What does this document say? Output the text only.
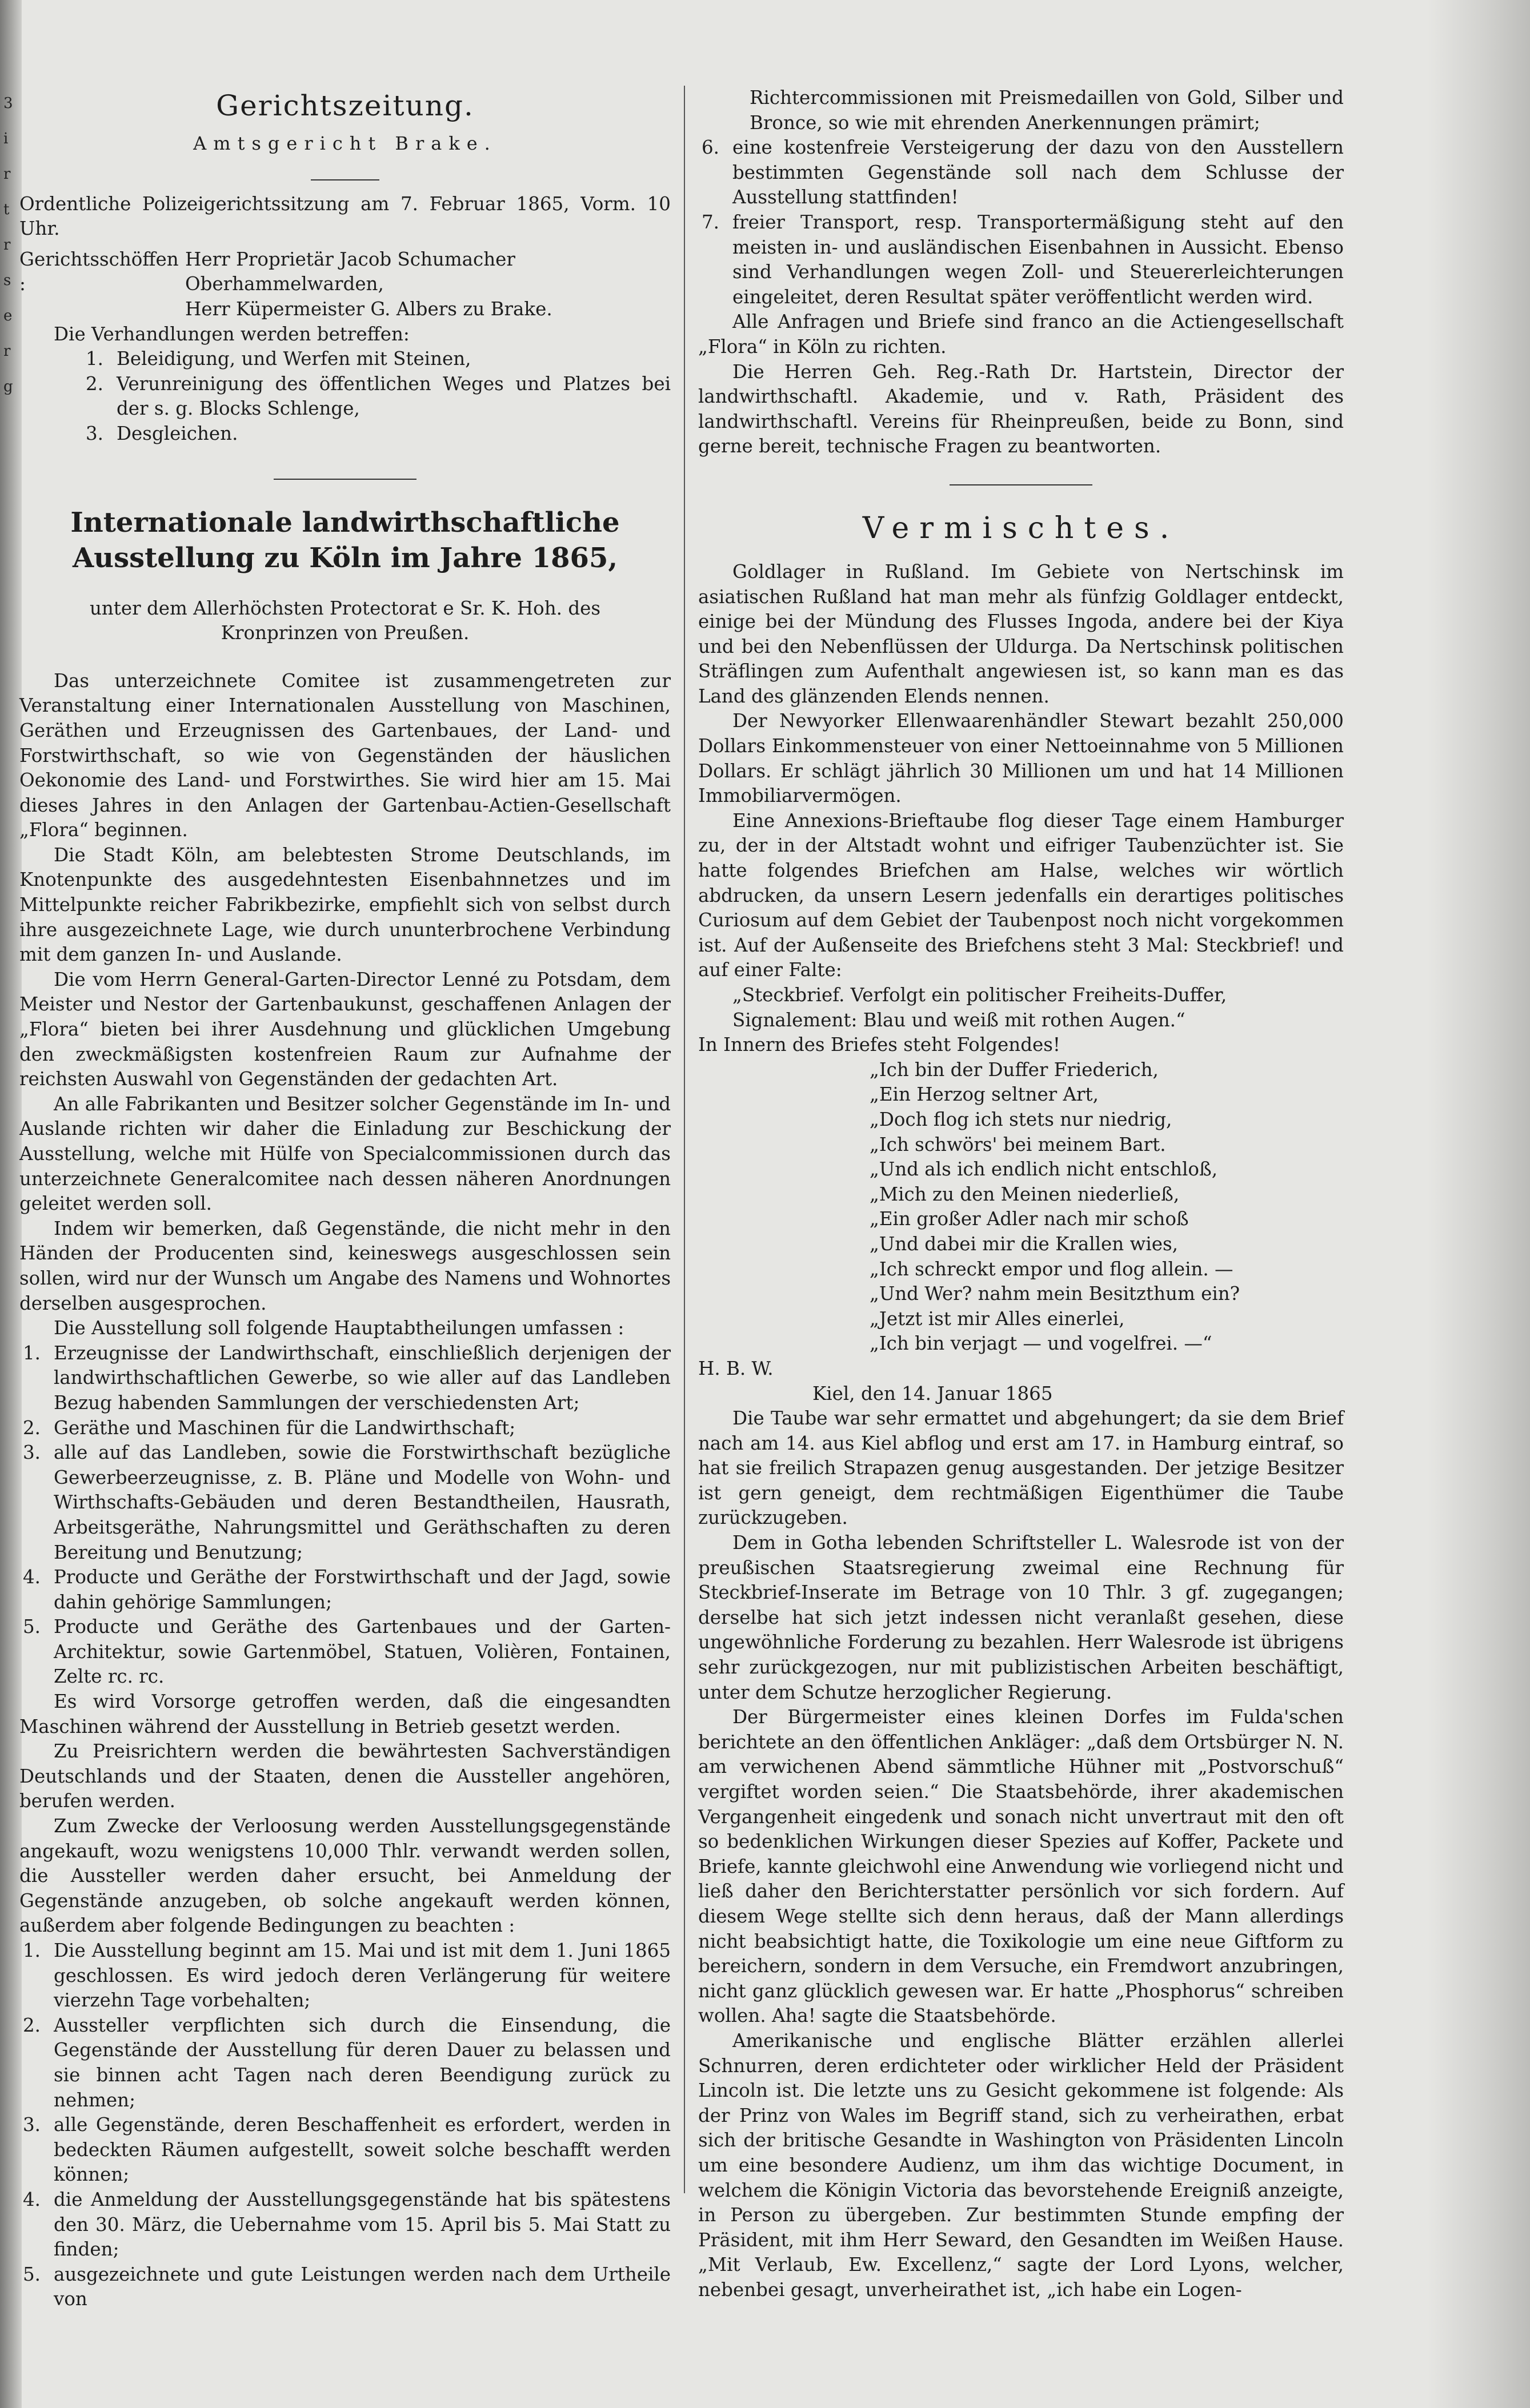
3
i
r
t
r
s
e
r
g
Gerichtszeitung.
Amtsgericht Brake.

Ordentliche Polizeigerichtssitzung am 7. Februar 1865, Vorm. 10 Uhr.

Gerichtsschöffen :
Herr Proprietär Jacob Schumacher Oberhammelwarden,
Herr Küpermeister G. Albers zu Brake.

Die Verhandlungen werden betreffen:

1. Beleidigung, und Werfen mit Steinen,
2. Verunreinigung des öffentlichen Weges und Platzes bei der s. g. Blocks Schlenge,
3. Desgleichen.
Internationale landwirthschaftliche Ausstellung zu Köln im Jahre 1865,

unter dem Allerhöchsten Protectorat e Sr. K. Hoh. des Kronprinzen von Preußen.

Das unterzeichnete Comitee ist zusammengetreten zur Veranstaltung einer Internationalen Ausstellung von Maschinen, Geräthen und Erzeugnissen des Gartenbaues, der Land- und Forstwirthschaft, so wie von Gegenständen der häuslichen Oekonomie des Land- und Forstwirthes. Sie wird hier am 15. Mai dieses Jahres in den Anlagen der Gartenbau-Actien-Gesellschaft „Flora“ beginnen.

Die Stadt Köln, am belebtesten Strome Deutschlands, im Knotenpunkte des ausgedehntesten Eisenbahnnetzes und im Mittelpunkte reicher Fabrikbezirke, empfiehlt sich von selbst durch ihre ausgezeichnete Lage, wie durch ununterbrochene Verbindung mit dem ganzen In- und Auslande.

Die vom Herrn General-Garten-Director Lenné zu Potsdam, dem Meister und Nestor der Gartenbaukunst, geschaffenen Anlagen der „Flora“ bieten bei ihrer Ausdehnung und glücklichen Umgebung den zweckmäßigsten kostenfreien Raum zur Aufnahme der reichsten Auswahl von Gegenständen der gedachten Art.

An alle Fabrikanten und Besitzer solcher Gegenstände im In- und Auslande richten wir daher die Einladung zur Beschickung der Ausstellung, welche mit Hülfe von Specialcommissionen durch das unterzeichnete Generalcomitee nach dessen näheren Anordnungen geleitet werden soll.

Indem wir bemerken, daß Gegenstände, die nicht mehr in den Händen der Producenten sind, keineswegs ausgeschlossen sein sollen, wird nur der Wunsch um Angabe des Namens und Wohnortes derselben ausgesprochen.

Die Ausstellung soll folgende Hauptabtheilungen umfassen :

1. Erzeugnisse der Landwirthschaft, einschließlich derjenigen der landwirthschaftlichen Gewerbe, so wie aller auf das Landleben Bezug habenden Sammlungen der verschiedensten Art;
2. Geräthe und Maschinen für die Landwirthschaft;
3. alle auf das Landleben, sowie die Forstwirthschaft bezügliche Gewerbeerzeugnisse, z. B. Pläne und Modelle von Wohn- und Wirthschafts-Gebäuden und deren Bestandtheilen, Hausrath, Arbeitsgeräthe, Nahrungsmittel und Geräthschaften zu deren Bereitung und Benutzung;
4. Producte und Geräthe der Forstwirthschaft und der Jagd, sowie dahin gehörige Sammlungen;
5. Producte und Geräthe des Gartenbaues und der Garten-Architektur, sowie Gartenmöbel, Statuen, Volièren, Fontainen, Zelte rc. rc.

Es wird Vorsorge getroffen werden, daß die eingesandten Maschinen während der Ausstellung in Betrieb gesetzt werden.

Zu Preisrichtern werden die bewährtesten Sachverständigen Deutschlands und der Staaten, denen die Aussteller angehören, berufen werden.

Zum Zwecke der Verloosung werden Ausstellungsgegenstände angekauft, wozu wenigstens 10,000 Thlr. verwandt werden sollen, die Aussteller werden daher ersucht, bei Anmeldung der Gegenstände anzugeben, ob solche angekauft werden können, außerdem aber folgende Bedingungen zu beachten :

1. Die Ausstellung beginnt am 15. Mai und ist mit dem 1. Juni 1865 geschlossen. Es wird jedoch deren Verlängerung für weitere vierzehn Tage vorbehalten;
2. Aussteller verpflichten sich durch die Einsendung, die Gegenstände der Ausstellung für deren Dauer zu belassen und sie binnen acht Tagen nach deren Beendigung zurück zu nehmen;
3. alle Gegenstände, deren Beschaffenheit es erfordert, werden in bedeckten Räumen aufgestellt, soweit solche beschafft werden können;
4. die Anmeldung der Ausstellungsgegenstände hat bis spätestens den 30. März, die Uebernahme vom 15. April bis 5. Mai Statt zu finden;
5. ausgezeichnete und gute Leistungen werden nach dem Urtheile von

Richtercommissionen mit Preismedaillen von Gold, Silber und Bronce, so wie mit ehrenden Anerkennungen prämirt;

6. eine kostenfreie Versteigerung der dazu von den Ausstellern bestimmten Gegenstände soll nach dem Schlusse der Ausstellung stattfinden!
7. freier Transport, resp. Transportermäßigung steht auf den meisten in- und ausländischen Eisenbahnen in Aussicht. Ebenso sind Verhandlungen wegen Zoll- und Steuererleichterungen eingeleitet, deren Resultat später veröffentlicht werden wird.

Alle Anfragen und Briefe sind franco an die Actiengesellschaft „Flora“ in Köln zu richten.

Die Herren Geh. Reg.-Rath Dr. Hartstein, Director der landwirthschaftl. Akademie, und v. Rath, Präsident des landwirthschaftl. Vereins für Rheinpreußen, beide zu Bonn, sind gerne bereit, technische Fragen zu beantworten.

Vermischtes.

Goldlager in Rußland. Im Gebiete von Nertschinsk im asiatischen Rußland hat man mehr als fünfzig Goldlager entdeckt, einige bei der Mündung des Flusses Ingoda, andere bei der Kiya und bei den Nebenflüssen der Uldurga. Da Nertschinsk politischen Sträflingen zum Aufenthalt angewiesen ist, so kann man es das Land des glänzenden Elends nennen.

Der Newyorker Ellenwaarenhändler Stewart bezahlt 250,000 Dollars Einkommensteuer von einer Nettoeinnahme von 5 Millionen Dollars. Er schlägt jährlich 30 Millionen um und hat 14 Millionen Immobiliarvermögen.

Eine Annexions-Brieftaube flog dieser Tage einem Hamburger zu, der in der Altstadt wohnt und eifriger Taubenzüchter ist. Sie hatte folgendes Briefchen am Halse, welches wir wörtlich abdrucken, da unsern Lesern jedenfalls ein derartiges politisches Curiosum auf dem Gebiet der Taubenpost noch nicht vorgekommen ist. Auf der Außenseite des Briefchens steht 3 Mal: Steckbrief! und auf einer Falte:

„Steckbrief. Verfolgt ein politischer Freiheits-Duffer,

Signalement: Blau und weiß mit rothen Augen.“

In Innern des Briefes steht Folgendes!

„Ich bin der Duffer Friederich,
„Ein Herzog seltner Art,
„Doch flog ich stets nur niedrig,
„Ich schwörs' bei meinem Bart.
„Und als ich endlich nicht entschloß,
„Mich zu den Meinen niederließ,
„Ein großer Adler nach mir schoß
„Und dabei mir die Krallen wies,
„Ich schreckt empor und flog allein. —
„Und Wer? nahm mein Besitzthum ein?
„Jetzt ist mir Alles einerlei,
„Ich bin verjagt — und vogelfrei. —“

H. B. W.

Kiel, den 14. Januar 1865

Die Taube war sehr ermattet und abgehungert; da sie dem Brief nach am 14. aus Kiel abflog und erst am 17. in Hamburg eintraf, so hat sie freilich Strapazen genug ausgestanden. Der jetzige Besitzer ist gern geneigt, dem rechtmäßigen Eigenthümer die Taube zurückzugeben.

Dem in Gotha lebenden Schriftsteller L. Walesrode ist von der preußischen Staatsregierung zweimal eine Rechnung für Steckbrief-Inserate im Betrage von 10 Thlr. 3 gf. zugegangen; derselbe hat sich jetzt indessen nicht veranlaßt gesehen, diese ungewöhnliche Forderung zu bezahlen. Herr Walesrode ist übrigens sehr zurückgezogen, nur mit publizistischen Arbeiten beschäftigt, unter dem Schutze herzoglicher Regierung.

Der Bürgermeister eines kleinen Dorfes im Fulda'schen berichtete an den öffentlichen Ankläger: „daß dem Ortsbürger N. N. am verwichenen Abend sämmtliche Hühner mit „Postvorschuß“ vergiftet worden seien.“ Die Staatsbehörde, ihrer akademischen Vergangenheit eingedenk und sonach nicht unvertraut mit den oft so bedenklichen Wirkungen dieser Spezies auf Koffer, Packete und Briefe, kannte gleichwohl eine Anwendung wie vorliegend nicht und ließ daher den Berichterstatter persönlich vor sich fordern. Auf diesem Wege stellte sich denn heraus, daß der Mann allerdings nicht beabsichtigt hatte, die Toxikologie um eine neue Giftform zu bereichern, sondern in dem Versuche, ein Fremdwort anzubringen, nicht ganz glücklich gewesen war. Er hatte „Phosphorus“ schreiben wollen. Aha! sagte die Staatsbehörde.

Amerikanische und englische Blätter erzählen allerlei Schnurren, deren erdichteter oder wirklicher Held der Präsident Lincoln ist. Die letzte uns zu Gesicht gekommene ist folgende: Als der Prinz von Wales im Begriff stand, sich zu verheirathen, erbat sich der britische Gesandte in Washington von Präsidenten Lincoln um eine besondere Audienz, um ihm das wichtige Document, in welchem die Königin Victoria das bevorstehende Ereigniß anzeigte, in Person zu übergeben. Zur bestimmten Stunde empfing der Präsident, mit ihm Herr Seward, den Gesandten im Weißen Hause. „Mit Verlaub, Ew. Excellenz,“ sagte der Lord Lyons, welcher, nebenbei gesagt, unverheirathet ist, „ich habe ein Logen-
